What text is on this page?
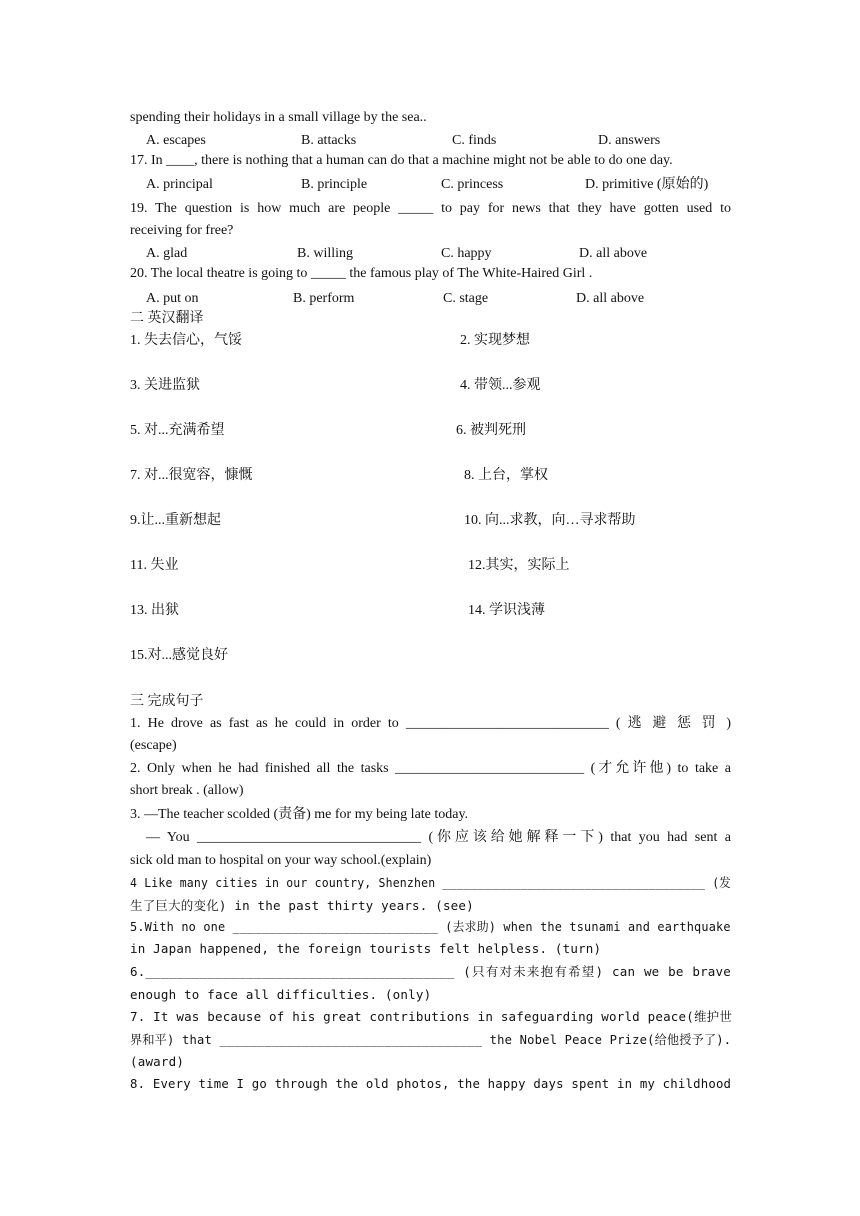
spending their holidays in a small village by the sea..
A. escapes	B. attacks	C. finds	D. answers
17. In ____, there is nothing that a human can do that a machine might not be able to do one day.
A. principal	B. principle	C. princess	D. primitive (原始的)
19. The question is how much are people _____ to pay for news that they have gotten used to
receiving for free?
A. glad	B. willing	C. happy	D. all above
20. The local theatre is going to _____ the famous play of The White-Haired Girl .
A. put on	B. perform	C. stage	D. all above
二 英汉翻译
1. 失去信心，气馁	2. 实现梦想
3. 关进监狱	4. 带领...参观
5. 对...充满希望	6. 被判死刑
7. 对...很宽容，慷慨	8. 上台，掌权
9.让...重新想起	10. 向...求教，向…寻求帮助
11. 失业	12.其实，实际上
13. 出狱	14. 学识浅薄
15.对...感觉良好
三 完成句子
1. He drove as fast as he could in order to _____________________________ ( 逃 避 惩 罚 )
(escape)
2. Only when he had finished all the tasks ___________________________ (才允许他) to take a
short break . (allow)
3. —The teacher scolded (责备) me for my being late today.
— You ________________________________ (你应该给她解释一下) that you had sent a
sick old man to hospital on your way school.(explain)
4 Like many cities in our country, Shenzhen _____________________________________ (发
生了巨大的变化) in the past thirty years. (see)
5.With no one ____________________________ (去求助) when the tsunami and earthquake
in Japan happened, the foreign tourists felt helpless. (turn)
6.________________________________________ (只有对未来抱有希望) can we be brave
enough to face all difficulties. (only)
7. It was because of his great contributions in safeguarding world peace(维护世
界和平) that ___________________________________ the Nobel Peace Prize(给他授予了).
(award)
8. Every time I go through the old photos, the happy days spent in my childhood
